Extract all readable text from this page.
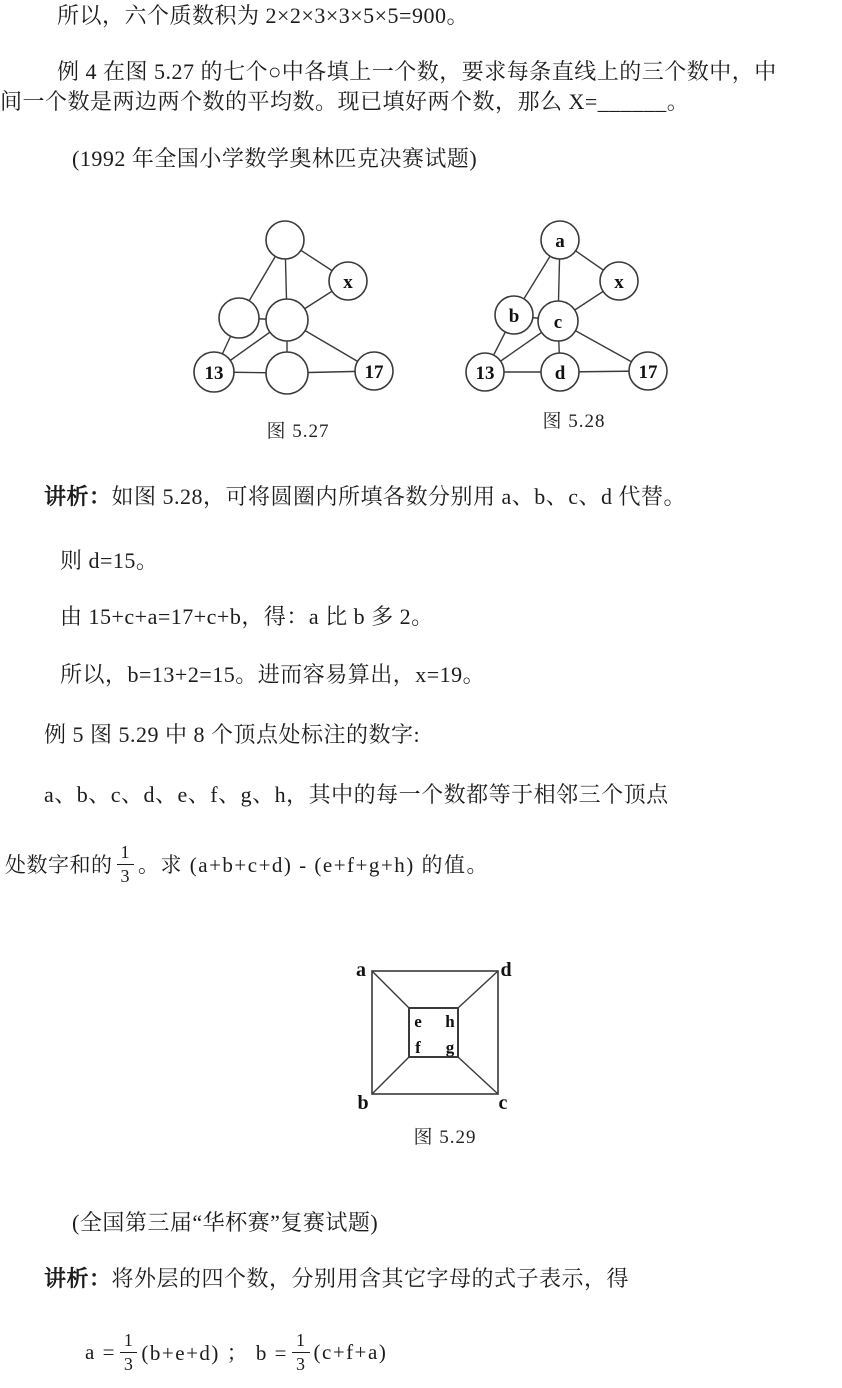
所以，六个质数积为 2×2×3×3×5×5=900。
例 4 在图 5.27 的七个○中各填上一个数，要求每条直线上的三个数中，中
间一个数是两边两个数的平均数。现已填好两个数，那么 X=______。
(1992 年全国小学数学奥林匹克决赛试题)
x
13	17
图 5.27
a
x
b c
13	d	17
图 5.28
讲析：如图 5.28，可将圆圈内所填各数分别用 a、b、c、d 代替。
则 d=15。
由 15+c+a=17+c+b，得：a 比 b 多 2。
所以，b=13+2=15。进而容易算出，x=19。
例 5 图 5.29 中 8 个顶点处标注的数字:
a、b、c、d、e、f、g、h，其中的每一个数都等于相邻三个顶点
处数字和的 $\frac{1}{3}$ 。求 (a+b+c+d) - (e+f+g+h) 的值。
a	d
b	c
e h
f g
图 5.29
(全国第三届“华杯赛”复赛试题)
讲析：将外层的四个数，分别用含其它字母的式子表示，得
$a = \frac{1}{3} (b+e+d)$ ； $b = \frac{1}{3} (c+f+a)$
